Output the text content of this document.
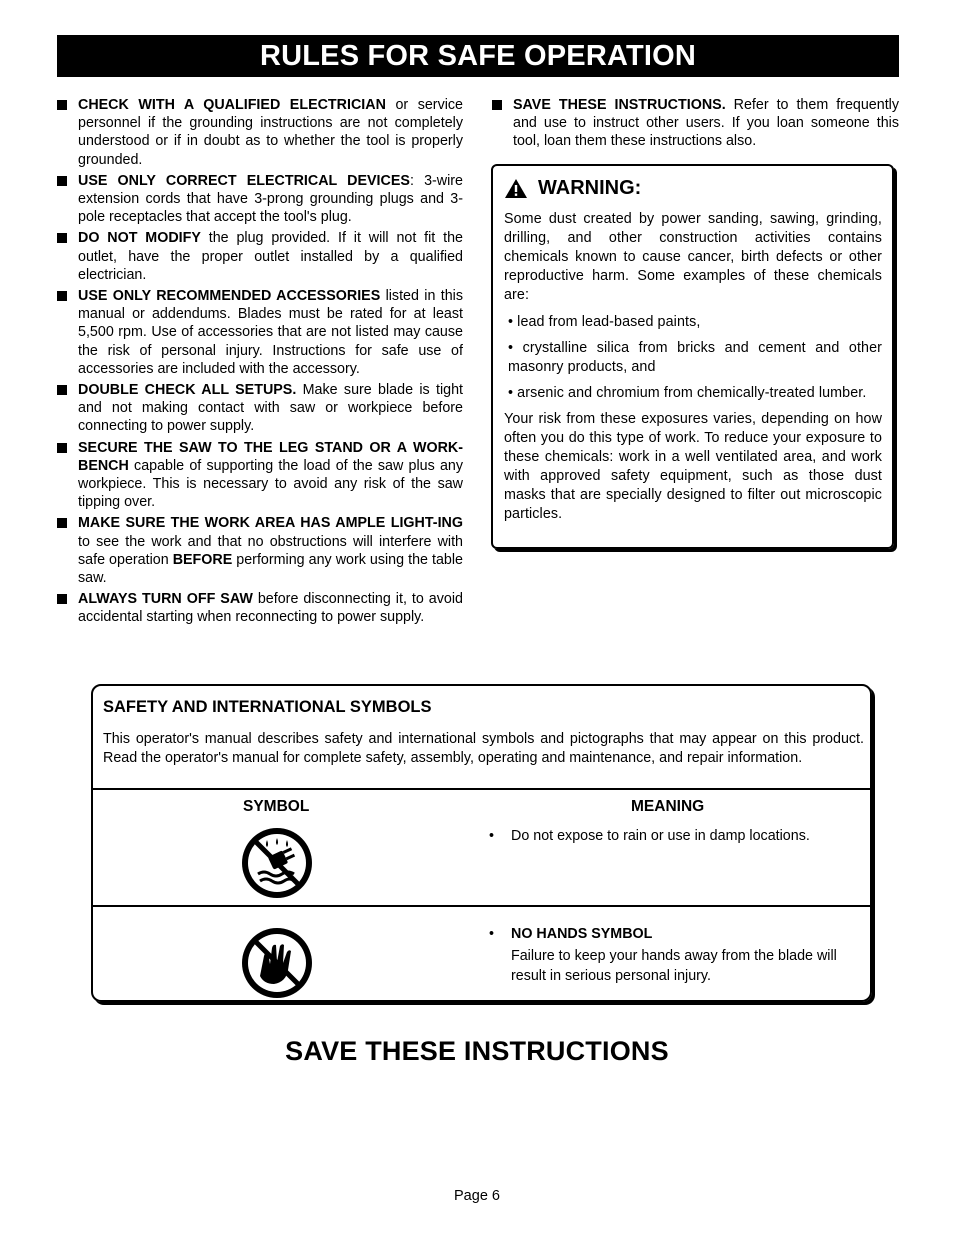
RULES FOR SAFE OPERATION
CHECK WITH A QUALIFIED ELECTRICIAN or service personnel if the grounding instructions are not completely understood or if in doubt as to whether the tool is properly grounded.
USE ONLY CORRECT ELECTRICAL DEVICES: 3-wire extension cords that have 3-prong grounding plugs and 3-pole receptacles that accept the tool's plug.
DO NOT MODIFY the plug provided. If it will not fit the outlet, have the proper outlet installed by a qualified electrician.
USE ONLY RECOMMENDED ACCESSORIES listed in this manual or addendums. Blades must be rated for at least 5,500 rpm. Use of accessories that are not listed may cause the risk of personal injury. Instructions for safe use of accessories are included with the accessory.
DOUBLE CHECK ALL SETUPS. Make sure blade is tight and not making contact with saw or workpiece before connecting to power supply.
SECURE THE SAW TO THE LEG STAND OR A WORK-BENCH capable of supporting the load of the saw plus any workpiece. This is necessary to avoid any risk of the saw tipping over.
MAKE SURE THE WORK AREA HAS AMPLE LIGHT-ING to see the work and that no obstructions will interfere with safe operation BEFORE performing any work using the table saw.
ALWAYS TURN OFF SAW before disconnecting it, to avoid accidental starting when reconnecting to power supply.
SAVE THESE INSTRUCTIONS. Refer to them frequently and use to instruct other users. If you loan someone this tool, loan them these instructions also.
WARNING:

Some dust created by power sanding, sawing, grinding, drilling, and other construction activities contains chemicals known to cause cancer, birth defects or other reproductive harm. Some examples of these chemicals are:

• lead from lead-based paints,

• crystalline silica from bricks and cement and other masonry products, and

• arsenic and chromium from chemically-treated lumber.

Your risk from these exposures varies, depending on how often you do this type of work. To reduce your exposure to these chemicals: work in a well ventilated area, and work with approved safety equipment, such as those dust masks that are specially designed to filter out microscopic particles.

SAFETY AND INTERNATIONAL SYMBOLS
This operator's manual describes safety and international symbols and pictographs that may appear on this product. Read the operator's manual for complete safety, assembly, operating and maintenance, and repair information.
SYMBOL	MEANING
• Do not expose to rain or use in damp locations.
• NO HANDS SYMBOL
Failure to keep your hands away from the blade will result in serious personal injury.
SAVE THESE INSTRUCTIONS
Page 6
